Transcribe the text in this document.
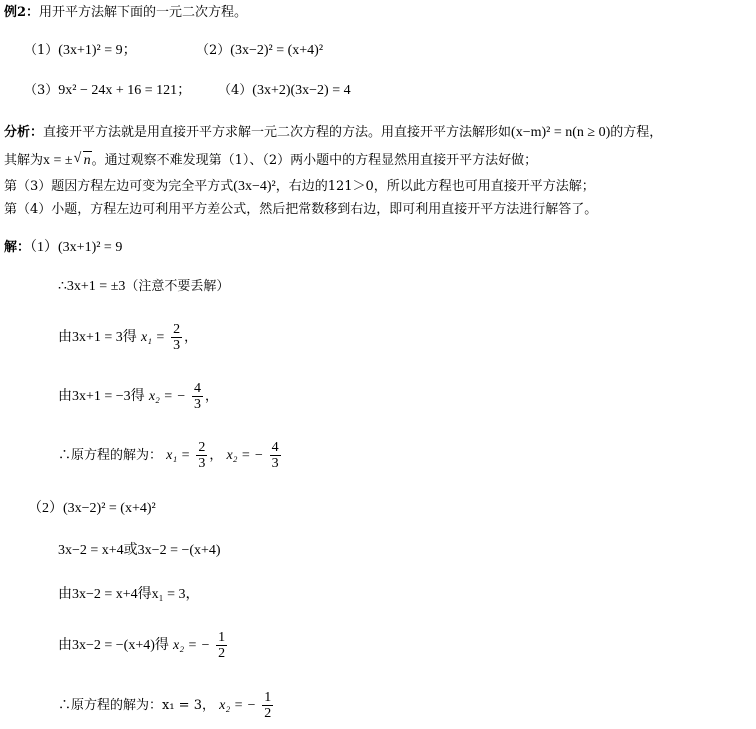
例2：用开平方法解下面的一元二次方程。
（1）(3x+1)² = 9；	（2）(3x−2)² = (x+4)²
（3）9x² − 24x + 16 = 121； （4）(3x+2)(3x−2) = 4
分析：直接开平方法就是用直接开平方求解一元二次方程的方法。用直接开平方法解形如(x−m)² = n(n ≥ 0)的方程，
其解为x = ±√ n。通过观察不难发现第（1）、（2）两小题中的方程显然用直接开平方法好做；
第（3）题因方程左边可变为完全平方式(3x−4)²，右边的121＞0，所以此方程也可用直接开平方法解；
第（4）小题，方程左边可利用平方差公式，然后把常数移到右边，即可利用直接开平方法进行解答了。
解：（1）(3x+1)² = 9
∴3x+1 = ±3（注意不要丢解）
由3x+1 = 3得 $x_1 = \frac{2}{3}$ ，
由3x+1 = −3得 x₂ = − $\frac{4}{3}$ ，
∴原方程的解为： $x_1 = \frac{2}{3}$ ， x₂ = − $\frac{4}{3}$
（2）(3x−2)² = (x+4)²
3x−2 = x+4或3x−2 = −(x+4)
由3x−2 = x+4得x₁ = 3，
由3x−2 = −(x+4)得 x₂ = − $\frac{1}{2}$
∴原方程的解为：x₁ = 3， x₂ = − $\frac{1}{2}$
